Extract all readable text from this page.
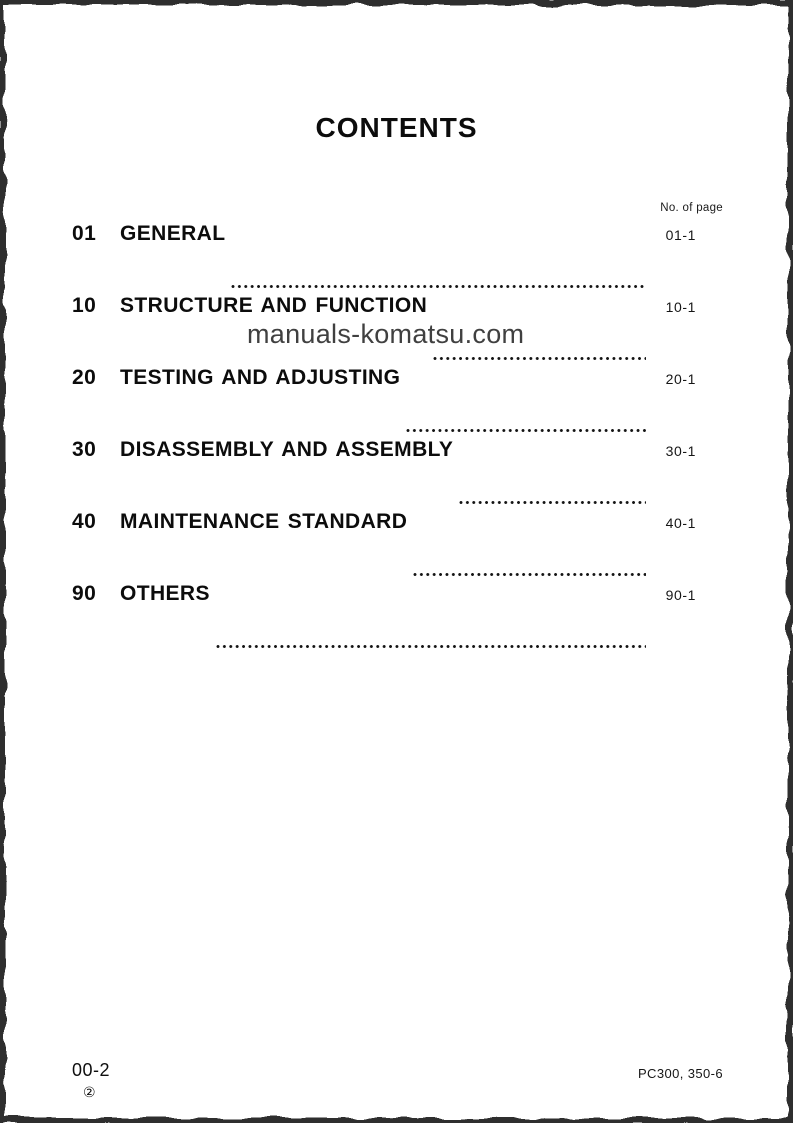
CONTENTS
No. of page
01	GENERAL	01-1
10	STRUCTURE AND FUNCTION	10-1
20	TESTING AND ADJUSTING	20-1
30	DISASSEMBLY AND ASSEMBLY	30-1
40	MAINTENANCE STANDARD	40-1
90	OTHERS	90-1
manuals-komatsu.com
00-2
②
PC300, 350-6
